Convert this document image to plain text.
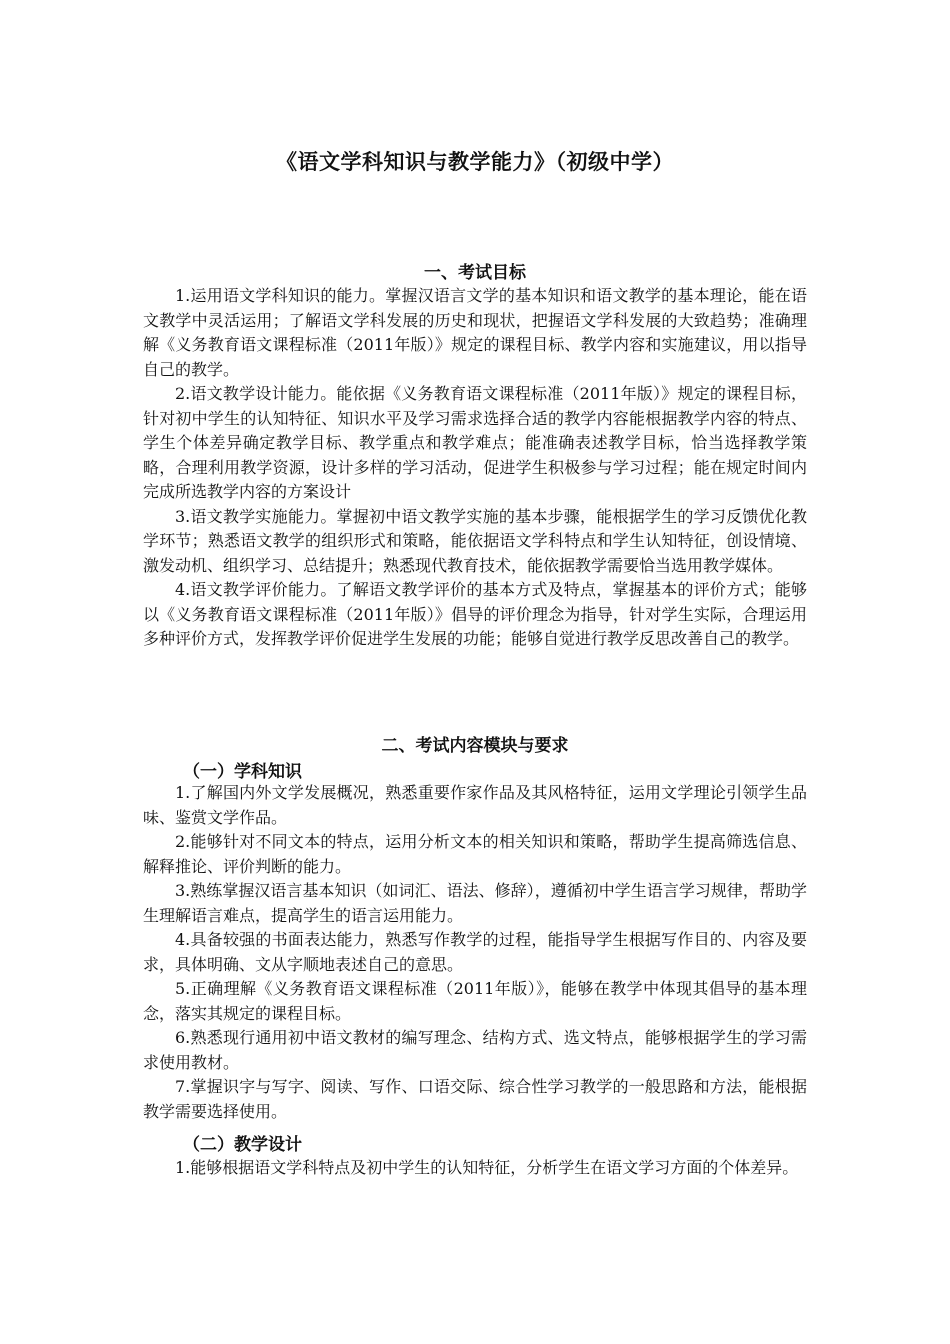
《语文学科知识与教学能力》（初级中学）
一、考试目标

1.运用语文学科知识的能力。掌握汉语言文学的基本知识和语文教学的基本理论，能在语文教学中灵活运用；了解语文学科发展的历史和现状，把握语文学科发展的大致趋势；准确理解《义务教育语文课程标准（2011年版）》规定的课程目标、教学内容和实施建议，用以指导自己的教学。

2.语文教学设计能力。能依据《义务教育语文课程标准（2011年版）》规定的课程目标，针对初中学生的认知特征、知识水平及学习需求选择合适的教学内容能根据教学内容的特点、学生个体差异确定教学目标、教学重点和教学难点；能准确表述教学目标，恰当选择教学策略，合理利用教学资源，设计多样的学习活动，促进学生积极参与学习过程；能在规定时间内完成所选教学内容的方案设计

3.语文教学实施能力。掌握初中语文教学实施的基本步骤，能根据学生的学习反馈优化教学环节；熟悉语文教学的组织形式和策略，能依据语文学科特点和学生认知特征，创设情境、激发动机、组织学习、总结提升；熟悉现代教育技术，能依据教学需要恰当选用教学媒体。

4.语文教学评价能力。了解语文教学评价的基本方式及特点，掌握基本的评价方式；能够以《义务教育语文课程标准（2011年版）》倡导的评价理念为指导，针对学生实际，合理运用多种评价方式，发挥教学评价促进学生发展的功能；能够自觉进行教学反思改善自己的教学。

二、考试内容模块与要求
（一）学科知识

1.了解国内外文学发展概况，熟悉重要作家作品及其风格特征，运用文学理论引领学生品味、鉴赏文学作品。

2.能够针对不同文本的特点，运用分析文本的相关知识和策略，帮助学生提高筛选信息、解释推论、评价判断的能力。

3.熟练掌握汉语言基本知识（如词汇、语法、修辞），遵循初中学生语言学习规律，帮助学生理解语言难点，提高学生的语言运用能力。

4.具备较强的书面表达能力，熟悉写作教学的过程，能指导学生根据写作目的、内容及要求，具体明确、文从字顺地表述自己的意思。

5.正确理解《义务教育语文课程标准（2011年版）》，能够在教学中体现其倡导的基本理念，落实其规定的课程目标。

6.熟悉现行通用初中语文教材的编写理念、结构方式、选文特点，能够根据学生的学习需求使用教材。

7.掌握识字与写字、阅读、写作、口语交际、综合性学习教学的一般思路和方法，能根据教学需要选择使用。

（二）教学设计

1.能够根据语文学科特点及初中学生的认知特征，分析学生在语文学习方面的个体差异。
